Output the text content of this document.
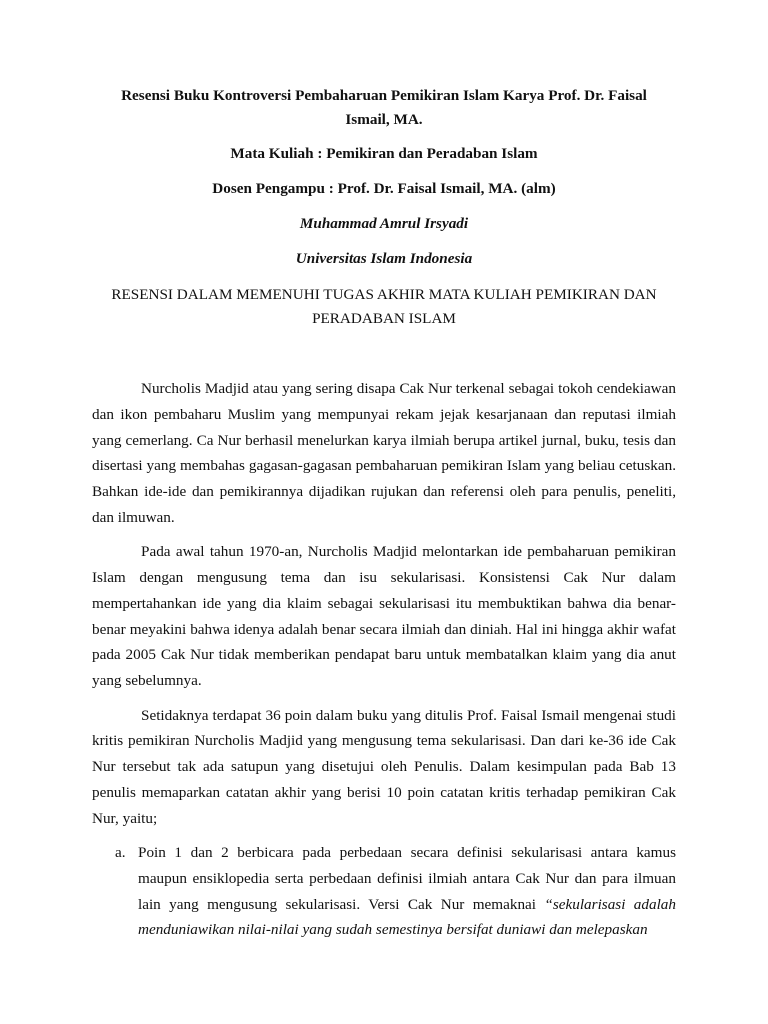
Resensi Buku Kontroversi Pembaharuan Pemikiran Islam Karya Prof. Dr. Faisal

Ismail, MA.

Mata Kuliah : Pemikiran dan Peradaban Islam

Dosen Pengampu : Prof. Dr. Faisal Ismail, MA. (alm)

Muhammad Amrul Irsyadi

Universitas Islam Indonesia

RESENSI DALAM MEMENUHI TUGAS AKHIR MATA KULIAH PEMIKIRAN DAN

PERADABAN ISLAM

Nurcholis Madjid atau yang sering disapa Cak Nur terkenal sebagai tokoh cendekiawan dan ikon pembaharu Muslim yang mempunyai rekam jejak kesarjanaan dan reputasi ilmiah yang cemerlang. Ca Nur berhasil menelurkan karya ilmiah berupa artikel jurnal, buku, tesis dan disertasi yang membahas gagasan-gagasan pembaharuan pemikiran Islam yang beliau cetuskan. Bahkan ide-ide dan pemikirannya dijadikan rujukan dan referensi oleh para penulis, peneliti, dan ilmuwan.

Pada awal tahun 1970-an, Nurcholis Madjid melontarkan ide pembaharuan pemikiran Islam dengan mengusung tema dan isu sekularisasi. Konsistensi Cak Nur dalam mempertahankan ide yang dia klaim sebagai sekularisasi itu membuktikan bahwa dia benar-benar meyakini bahwa idenya adalah benar secara ilmiah dan diniah. Hal ini hingga akhir wafat pada 2005 Cak Nur tidak memberikan pendapat baru untuk membatalkan klaim yang dia anut yang sebelumnya.

Setidaknya terdapat 36 poin dalam buku yang ditulis Prof. Faisal Ismail mengenai studi kritis pemikiran Nurcholis Madjid yang mengusung tema sekularisasi. Dan dari ke-36 ide Cak Nur tersebut tak ada satupun yang disetujui oleh Penulis. Dalam kesimpulan pada Bab 13 penulis memaparkan catatan akhir yang berisi 10 poin catatan kritis terhadap pemikiran Cak Nur, yaitu;

a. Poin 1 dan 2 berbicara pada perbedaan secara definisi sekularisasi antara kamus maupun ensiklopedia serta perbedaan definisi ilmiah antara Cak Nur dan para ilmuan lain yang mengusung sekularisasi. Versi Cak Nur memaknai “sekularisasi adalah menduniawikan nilai-nilai yang sudah semestinya bersifat duniawi dan melepaskan
